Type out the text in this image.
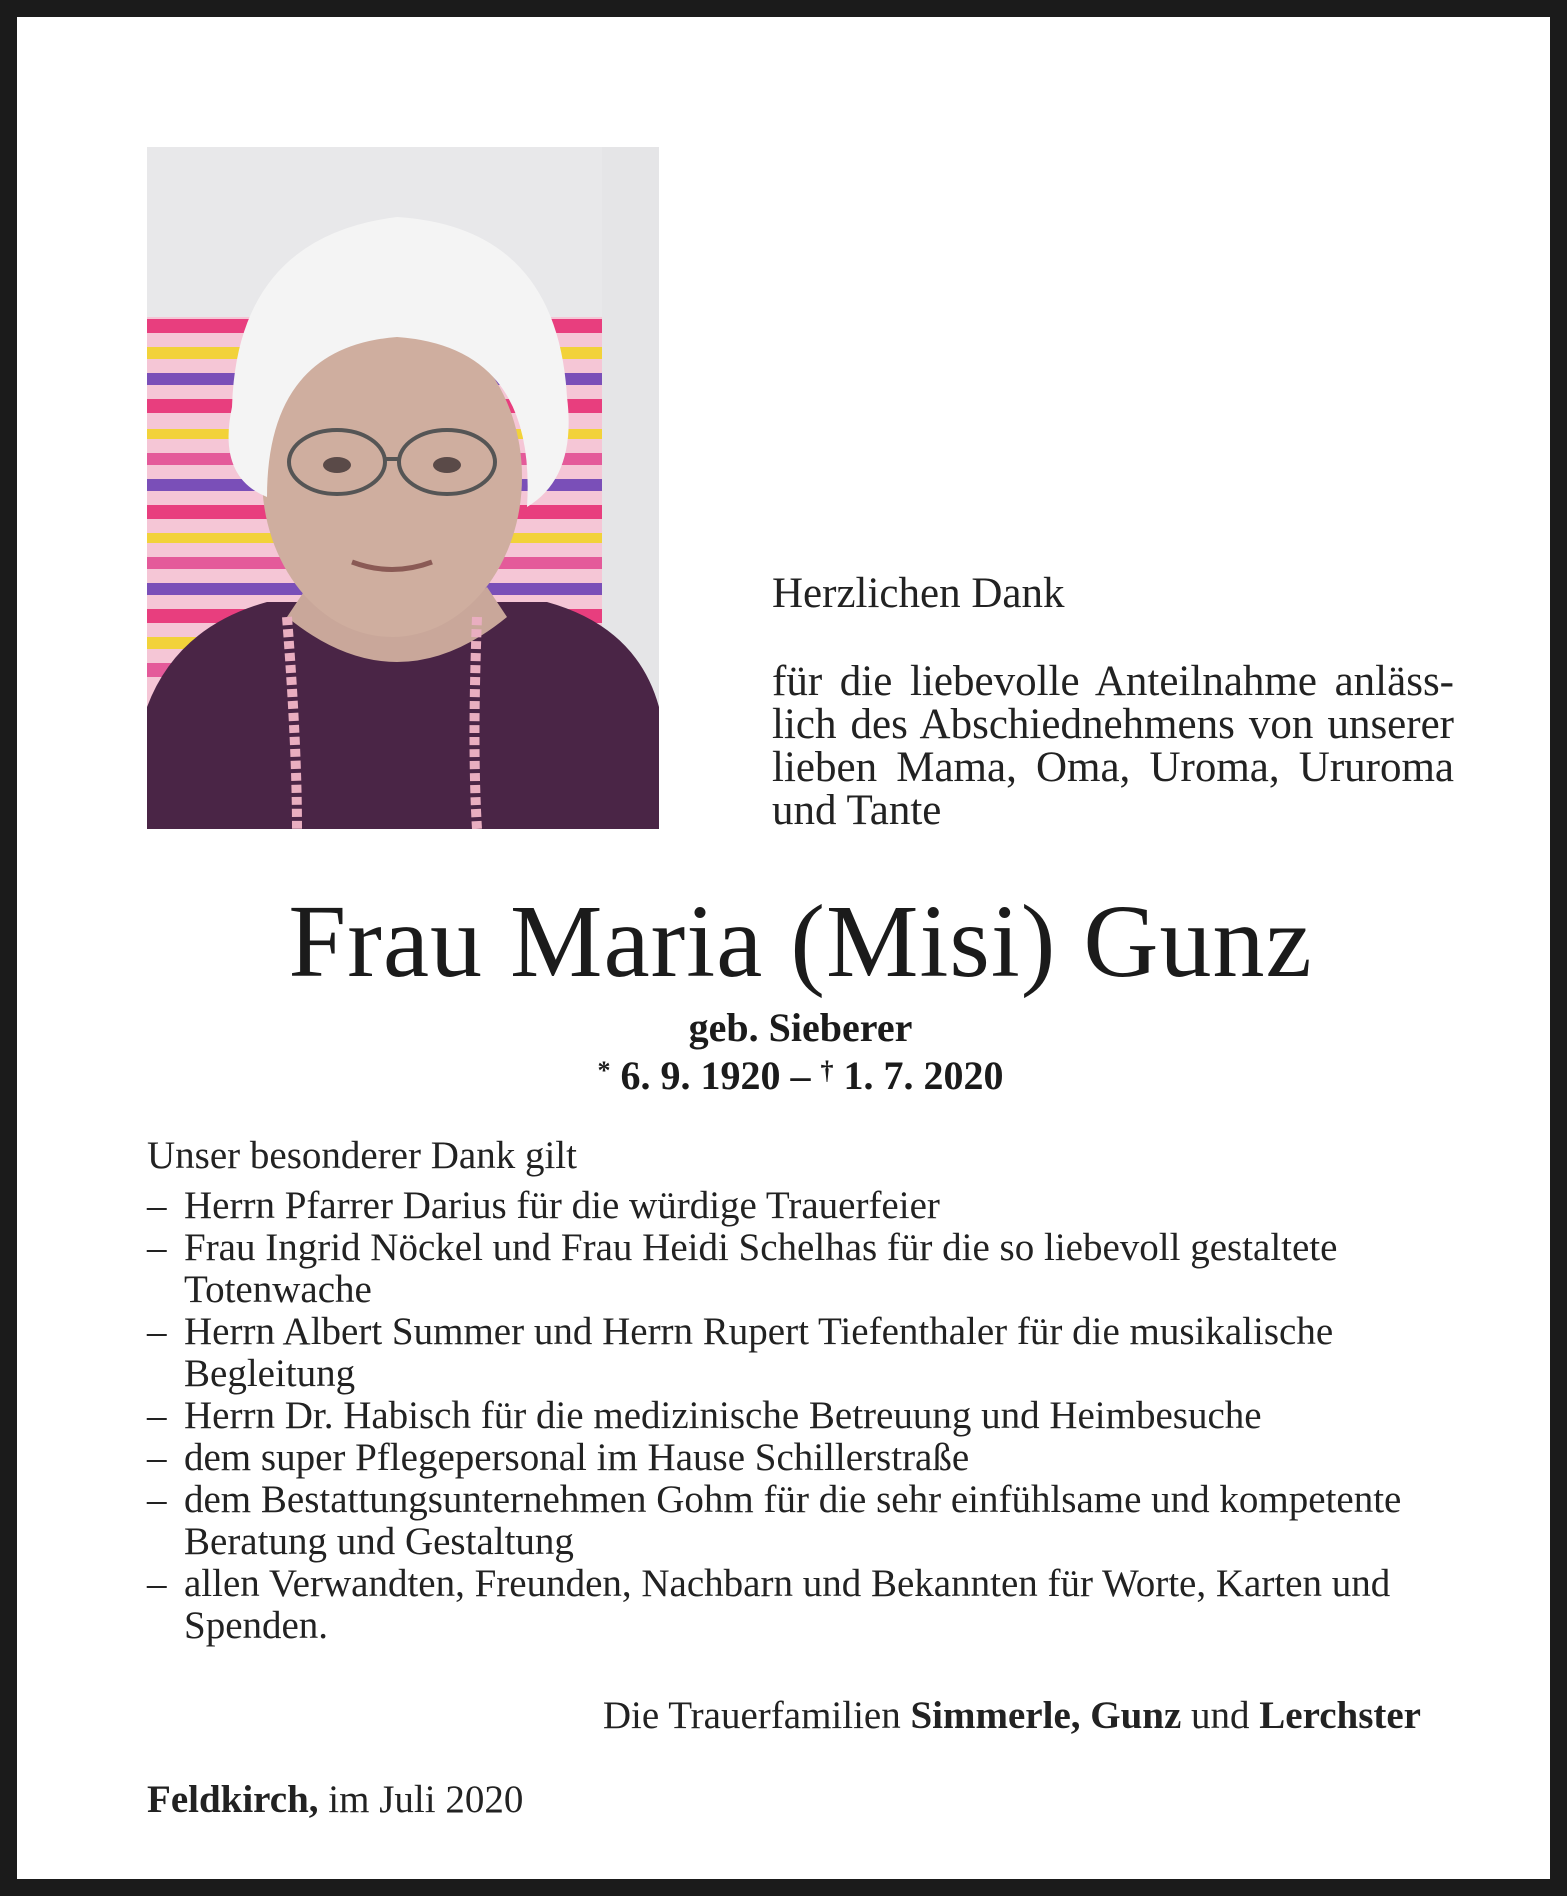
Herzlichen Dank

für die liebevolle Anteilnahme anläss-
lich des Abschiednehmens von unserer
lieben Mama, Oma, Uroma, Ururoma
und Tante
Frau Maria (Misi) Gunz
geb. Sieberer
* 6. 9. 1920 – † 1. 7. 2020

Unser besonderer Dank gilt

– Herrn Pfarrer Darius für die würdige Trauerfeier
– Frau Ingrid Nöckel und Frau Heidi Schelhas für die so liebevoll gestaltete Totenwache
– Herrn Albert Summer und Herrn Rupert Tiefenthaler für die musikalische Begleitung
– Herrn Dr. Habisch für die medizinische Betreuung und Heimbesuche
– dem super Pflegepersonal im Hause Schillerstraße
– dem Bestattungsunternehmen Gohm für die sehr einfühlsame und kompetente Beratung und Gestaltung
– allen Verwandten, Freunden, Nachbarn und Bekannten für Worte, Karten und Spenden.
Die Trauerfamilien Simmerle, Gunz und Lerchster
Feldkirch, im Juli 2020
